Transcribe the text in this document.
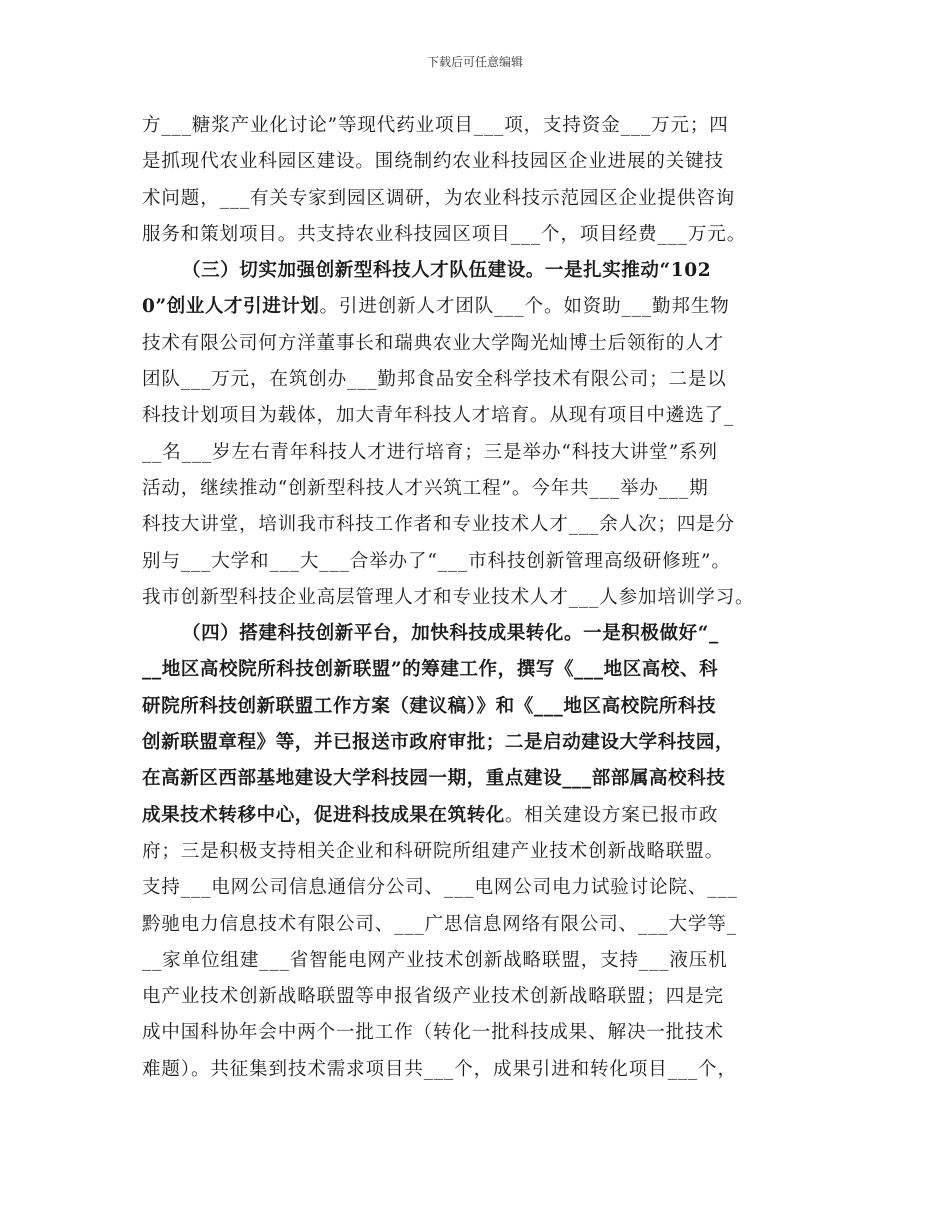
下载后可任意编辑
方___糖浆产业化讨论”等现代药业项目___项，支持资金___万元；四
是抓现代农业科园区建设。围绕制约农业科技园区企业进展的关键技
术问题，___有关专家到园区调研，为农业科技示范园区企业提供咨询
服务和策划项目。共支持农业科技园区项目___个，项目经费___万元。
（三）切实加强创新型科技人才队伍建设。一是扎实推动“102
0”创业人才引进计划。引进创新人才团队___个。如资助___勤邦生物
技术有限公司何方洋董事长和瑞典农业大学陶光灿博士后领衔的人才
团队___万元，在筑创办___勤邦食品安全科学技术有限公司；二是以
科技计划项目为载体，加大青年科技人才培育。从现有项目中遴选了_
__名___岁左右青年科技人才进行培育；三是举办“科技大讲堂”系列
活动，继续推动“创新型科技人才兴筑工程”。今年共___举办___期
科技大讲堂，培训我市科技工作者和专业技术人才___余人次；四是分
别与___大学和___大___合举办了“___市科技创新管理高级研修班”。
我市创新型科技企业高层管理人才和专业技术人才___人参加培训学习。
（四）搭建科技创新平台，加快科技成果转化。一是积极做好“_
__地区高校院所科技创新联盟”的筹建工作，撰写《___地区高校、科
研院所科技创新联盟工作方案（建议稿）》和《___地区高校院所科技
创新联盟章程》等，并已报送市政府审批；二是启动建设大学科技园，
在高新区西部基地建设大学科技园一期，重点建设___部部属高校科技
成果技术转移中心，促进科技成果在筑转化。相关建设方案已报市政
府；三是积极支持相关企业和科研院所组建产业技术创新战略联盟。
支持___电网公司信息通信分公司、___电网公司电力试验讨论院、___
黔驰电力信息技术有限公司、___广思信息网络有限公司、___大学等_
__家单位组建___省智能电网产业技术创新战略联盟，支持___液压机
电产业技术创新战略联盟等申报省级产业技术创新战略联盟；四是完
成中国科协年会中两个一批工作（转化一批科技成果、解决一批技术
难题）。共征集到技术需求项目共___个，成果引进和转化项目___个，
